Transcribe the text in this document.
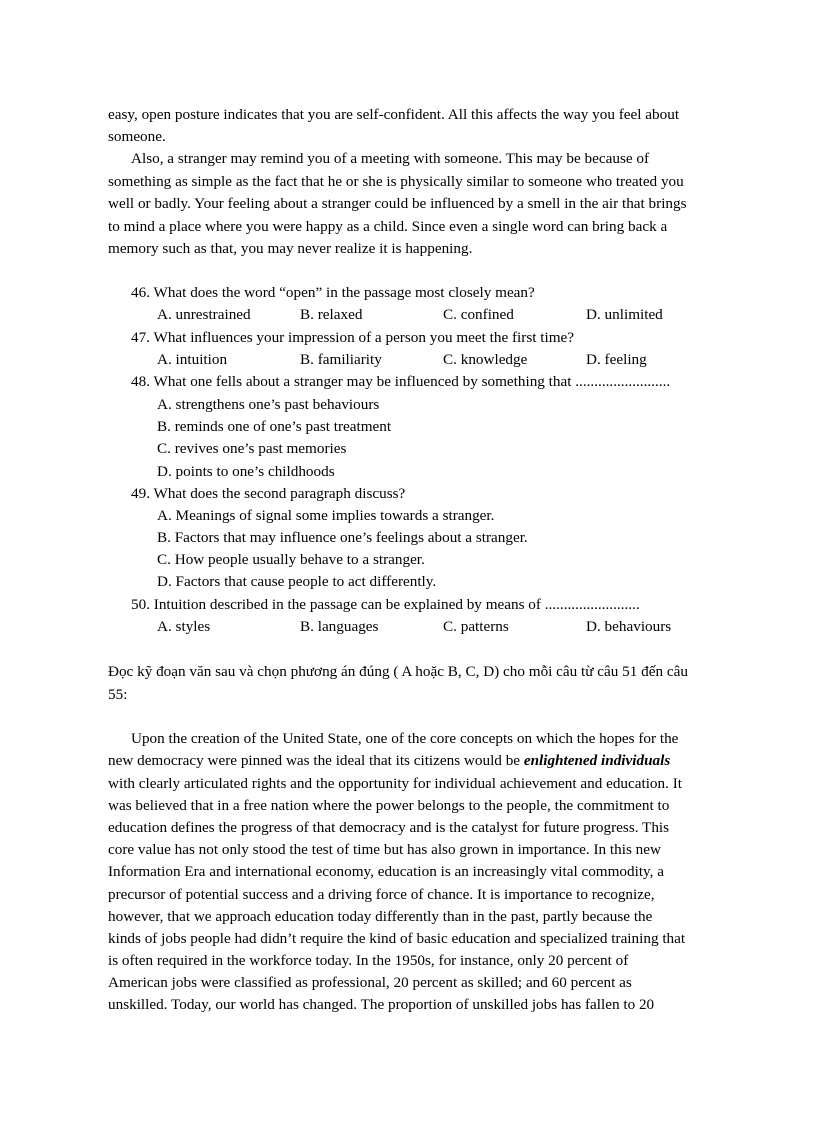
easy, open posture indicates that you are self-confident. All this affects the way you feel about
someone.
Also, a stranger may remind you of a meeting with someone. This may be because of
something as simple as the fact that he or she is physically similar to someone who treated you
well or badly. Your feeling about a stranger could be influenced by a smell in the air that brings
to mind a place where you were happy as a child. Since even a single word can bring back a
memory such as that, you may never realize it is happening.
46. What does the word “open” in the passage most closely mean?
A. unrestrained	B. relaxed	C. confined	D. unlimited
47. What influences your impression of a person you meet the first time?
A. intuition	B. familiarity	C. knowledge	D. feeling
48. What one fells about a stranger may be influenced by something that .........................
A. strengthens one’s past behaviours
B. reminds one of one’s past treatment
C. revives one’s past memories
D. points to one’s childhoods
49. What does the second paragraph discuss?
A. Meanings of signal some implies towards a stranger.
B. Factors that may influence one’s feelings about a stranger.
C. How people usually behave to a stranger.
D. Factors that cause people to act differently.
50. Intuition described in the passage can be explained by means of .........................
A. styles	B. languages	C. patterns	D. behaviours
Đọc kỹ đoạn văn sau và chọn phương án đúng ( A hoặc B, C, D) cho mỗi câu từ câu 51 đến câu
55:
Upon the creation of the United State, one of the core concepts on which the hopes for the
new democracy were pinned was the ideal that its citizens would be enlightened individuals
with clearly articulated rights and the opportunity for individual achievement and education. It
was believed that in a free nation where the power belongs to the people, the commitment to
education defines the progress of that democracy and is the catalyst for future progress. This
core value has not only stood the test of time but has also grown in importance. In this new
Information Era and international economy, education is an increasingly vital commodity, a
precursor of potential success and a driving force of chance. It is importance to recognize,
however, that we approach education today differently than in the past, partly because the
kinds of jobs people had didn’t require the kind of basic education and specialized training that
is often required in the workforce today. In the 1950s, for instance, only 20 percent of
American jobs were classified as professional, 20 percent as skilled; and 60 percent as
unskilled. Today, our world has changed. The proportion of unskilled jobs has fallen to 20
